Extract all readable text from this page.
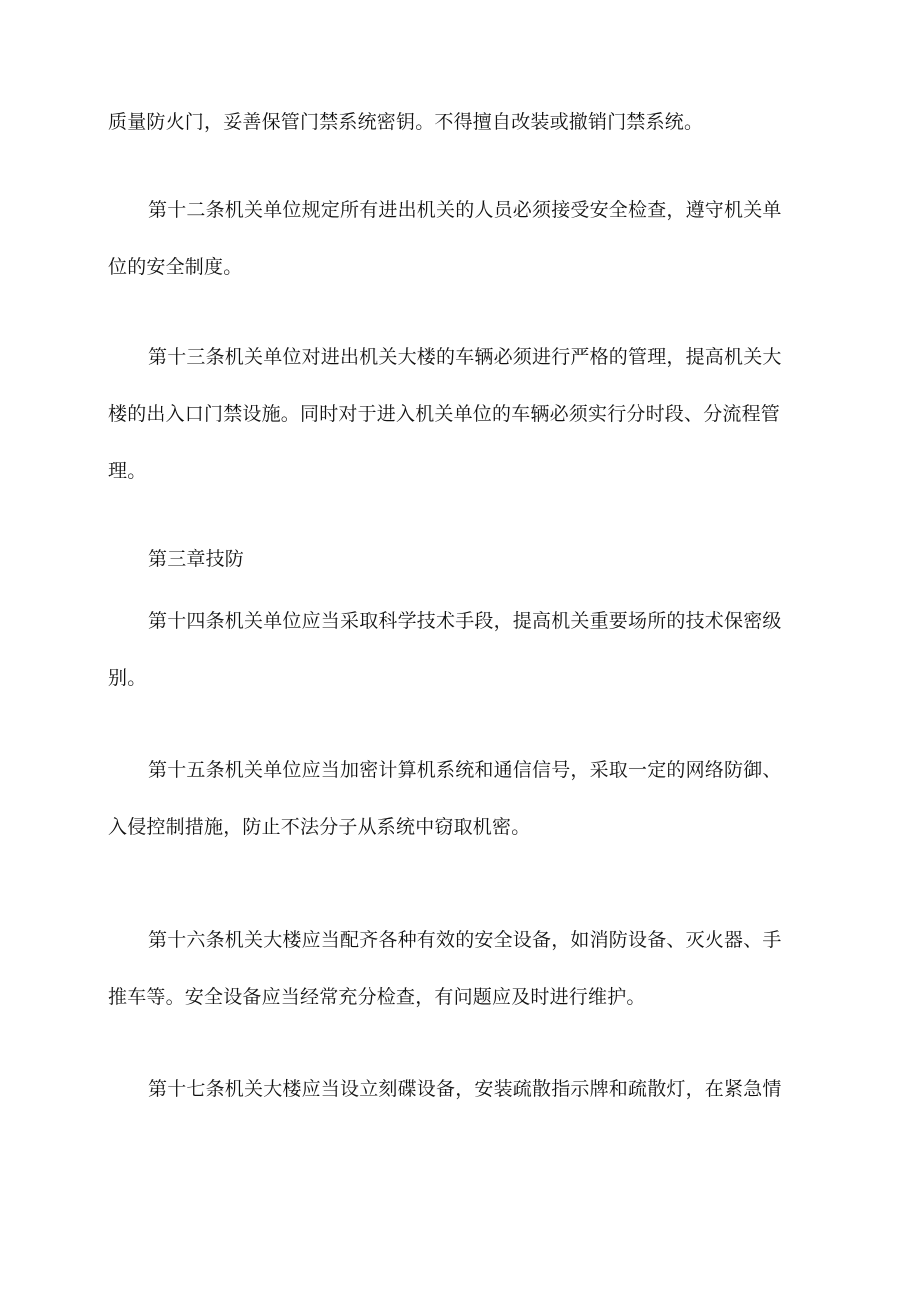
质量防火门，妥善保管门禁系统密钥。不得擅自改装或撤销门禁系统。

第十二条机关单位规定所有进出机关的人员必须接受安全检查，遵守机关单
位的安全制度。

第十三条机关单位对进出机关大楼的车辆必须进行严格的管理，提高机关大
楼的出入口门禁设施。同时对于进入机关单位的车辆必须实行分时段、分流程管
理。

第三章技防

第十四条机关单位应当采取科学技术手段，提高机关重要场所的技术保密级
别。

第十五条机关单位应当加密计算机系统和通信信号，采取一定的网络防御、
入侵控制措施，防止不法分子从系统中窃取机密。

第十六条机关大楼应当配齐各种有效的安全设备，如消防设备、灭火器、手
推车等。安全设备应当经常充分检查，有问题应及时进行维护。

第十七条机关大楼应当设立刻碟设备，安装疏散指示牌和疏散灯，在紧急情
